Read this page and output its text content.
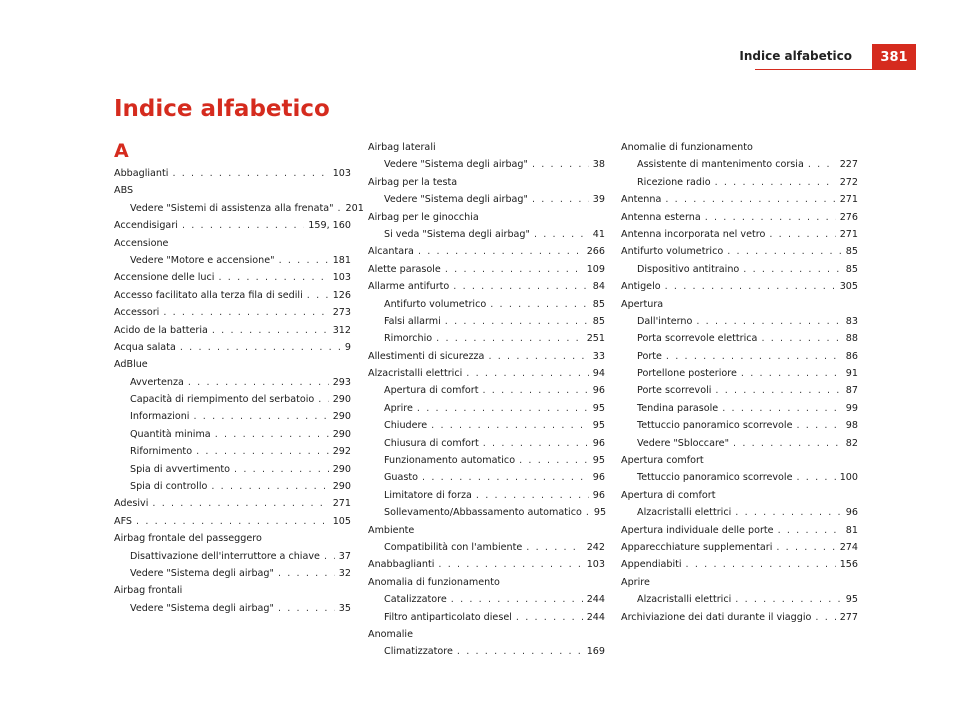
Indice alfabetico	381
Indice alfabetico
A
Abbaglianti . . .	103
ABS
Vedere "Sistemi di assistenza alla frenata" . . . 201
Accendisigari . . .	159, 160
Accensione
Vedere "Motore e accensione" . . .	181
Accensione delle luci . . .	103
Accesso facilitato alla terza fila di sedili . . .	126
Accessori . . .	273
Acido de la batteria . . .	312
Acqua salata . . .	9
AdBlue
Avvertenza . . .	293
Capacità di riempimento del serbatoio . . . 290
Informazioni . . .	290
Quantità minima . . .	290
Rifornimento . . .	292
Spia di avvertimento . . .	290
Spia di controllo . . .	290
Adesivi . . .	271
AFS . . .	105
Airbag frontale del passeggero
Disattivazione dell'interruttore a chiave . . . 37
Vedere "Sistema degli airbag" . . .	32
Airbag frontali
Vedere "Sistema degli airbag" . . .	35
Airbag laterali
Vedere "Sistema degli airbag" . . .	38
Airbag per la testa
Vedere "Sistema degli airbag" . . .	39
Airbag per le ginocchia
Si veda "Sistema degli airbag" . . .	41
Alcantara . . .	266
Alette parasole . . .	109
Allarme antifurto . . .	84
Antifurto volumetrico . . .	85
Falsi allarmi . . .	85
Rimorchio . . .	251
Allestimenti di sicurezza . . .	33
Alzacristalli elettrici . . .	94
Apertura di comfort . . .	96
Aprire . . .	95
Chiudere . . .	95
Chiusura di comfort . . .	96
Funzionamento automatico . . .	95
Guasto . . .	96
Limitatore di forza . . .	96
Sollevamento/Abbassamento automatico . . . 95
Ambiente
Compatibilità con l'ambiente . . .	242
Anabbaglianti . . .	103
Anomalia di funzionamento
Catalizzatore . . .	244
Filtro antiparticolato diesel . . .	244
Anomalie
Climatizzatore . . .	169
Anomalie di funzionamento
Assistente di mantenimento corsia . . .	227
Ricezione radio . . .	272
Antenna . . .	271
Antenna esterna . . .	276
Antenna incorporata nel vetro . . .	271
Antifurto volumetrico . . .	85
Dispositivo antitraino . . .	85
Antigelo . . .	305
Apertura
Dall'interno . . .	83
Porta scorrevole elettrica . . .	88
Porte . . .	86
Portellone posteriore . . .	91
Porte scorrevoli . . .	87
Tendina parasole . . .	99
Tettuccio panoramico scorrevole . . .	98
Vedere "Sbloccare" . . .	82
Apertura comfort
Tettuccio panoramico scorrevole . . .	100
Apertura di comfort
Alzacristalli elettrici . . .	96
Apertura individuale delle porte . . .	81
Apparecchiature supplementari . . .	274
Appendiabiti . . .	156
Aprire
Alzacristalli elettrici . . .	95
Archiviazione dei dati durante il viaggio . . .	277
